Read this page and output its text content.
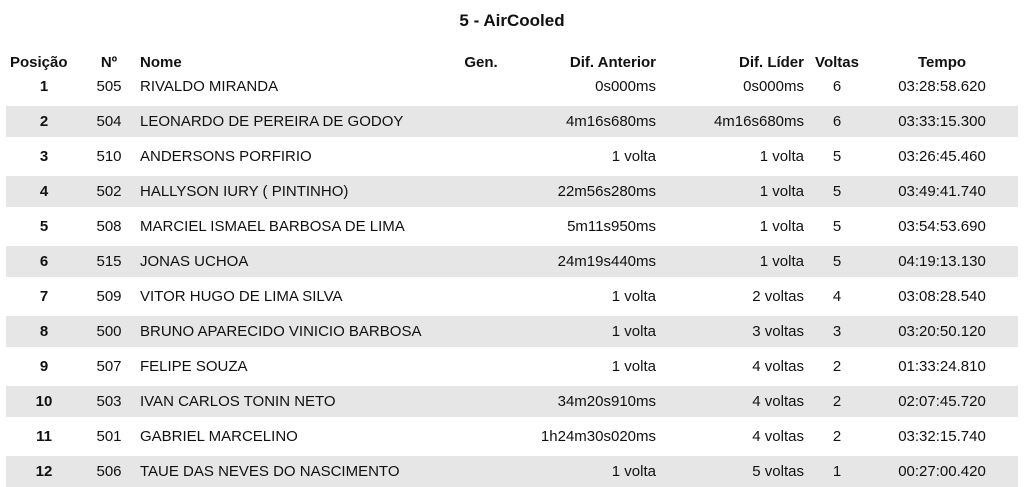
5 - AirCooled
Posição	Nº	Nome	Gen.	Dif. Anterior	Dif. Líder	Voltas	Tempo
1	505	RIVALDO MIRANDA		0s000ms	0s000ms	6	03:28:58.620

2	504	LEONARDO DE PEREIRA DE GODOY		4m16s680ms	4m16s680ms	6	03:33:15.300

3	510	ANDERSONS PORFIRIO		1 volta	1 volta	5	03:26:45.460

4	502	HALLYSON IURY ( PINTINHO)		22m56s280ms	1 volta	5	03:49:41.740

5	508	MARCIEL ISMAEL BARBOSA DE LIMA		5m11s950ms	1 volta	5	03:54:53.690

6	515	JONAS UCHOA		24m19s440ms	1 volta	5	04:19:13.130

7	509	VITOR HUGO DE LIMA SILVA		1 volta	2 voltas	4	03:08:28.540

8	500	BRUNO APARECIDO VINICIO BARBOSA		1 volta	3 voltas	3	03:20:50.120

9	507	FELIPE SOUZA		1 volta	4 voltas	2	01:33:24.810

10	503	IVAN CARLOS TONIN NETO		34m20s910ms	4 voltas	2	02:07:45.720

11	501	GABRIEL MARCELINO		1h24m30s020ms	4 voltas	2	03:32:15.740

12	506	TAUE DAS NEVES DO NASCIMENTO		1 volta	5 voltas	1	00:27:00.420
